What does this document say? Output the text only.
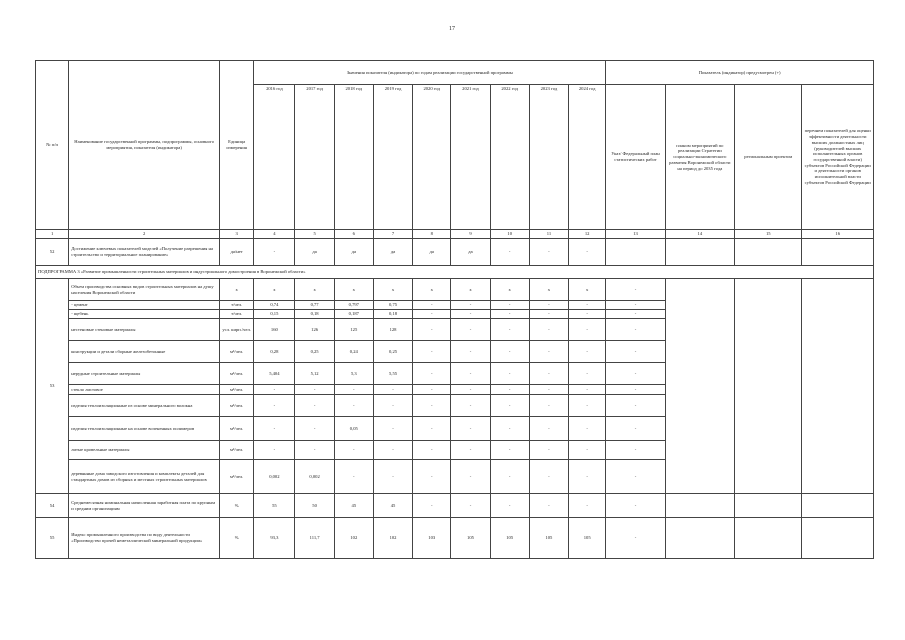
17
№ п/п	Наименование государственной программы, подпрограммы, основного мероприятия, показателя (индикатора)	Единица измерения	Значения показателя (индикатора) по годам реализации государственной программы									Показатель (индикатор) предусмотрен (+)			
			2016 год	2017 год	2018 год	2019 год	2020 год	2021 год	2022 год	2023 год	2024 год	Указ/ Федеральный план статистических работ	планом мероприятий по реализации Стратегии социально-экономического развития Воронежской области на период до 2035 года	региональным проектом	перечнем показателей для оценки эффективности деятельности высших должностных лиц (руководителей высших исполнительных органов государственной власти) субъектов Российской Федерации и деятельности органов исполнительной власти субъектов Российской Федерации

1	2	3	4	5	6	7	8	9	10	11	12	13	14	15	16
52	Достижение ключевых показателей моделей «Получение разрешения на строительство и территориальное планирование»	да/нет	-	да	да	да	да	да	-	-	-				
ПОДПРОГРАММА 3 «Развитие промышленности строительных материалов и индустриального домостроения в Воронежской области»															
53	Объем производства основных видов строительных материалов на душу населения Воронежской области	х	х	х	х	х	х	х	х	х	х	-			
	- цемент	т/чел.	0,74	0,77	0,797	0,75	-	-	-	-	-	-			
	- щебень	т/чел.	0,15	0,18	0,187	0,18	-	-	-	-	-	-			
	нестеновые стеновые материалы	усл. кирп./чел.	160	126	125	128	-	-	-	-	-	-			
	конструкции и детали сборные железобетонные	м³/чел.	0,28	0,25	0,24	0,25	-	-	-	-	-	-			
	нерудные строительные материалы	м³/чел.	5,404	5,12	5,3	5,55	-	-	-	-	-	-			
	стекло листовое	м²/чел.	-	-	-	-	-	-	-	-	-	-			
	изделия теплоизоляционные из основе минерального волокна	м³/чел.	-	-	-	-	-	-	-	-	-	-			
	изделия теплоизоляционные на основе вспененных полимеров	м³/чел.	-	-	0,05	-	-	-	-	-	-	-			
	литые кровельные материалы	м²/чел.	-	-	-	-	-	-	-	-	-	-			
	деревянные дома заводского изготовления и комплекты деталей для стандартных домов из сборных и местных строительных материалов	м²/чел.	0,002	0,002	-	-	-	-	-	-	-	-			
54	Среднемесячная номинальная начисленная заработная плата по крупным и средним организациям	%	55	50	45	45	-	-	-	-	-	-			
55	Индекс промышленного производства по виду деятельности «Производство прочей неметаллической минеральной продукции»	%	93,3	111,7	102	102	103	105	105	105	105	-			
